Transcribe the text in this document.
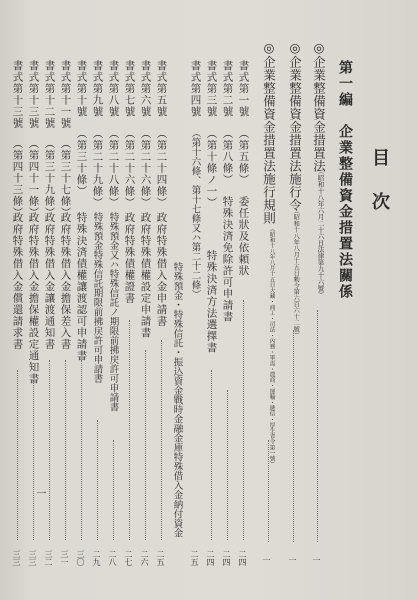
目次
第一編　企業整備資金措置法關係
◎企業整備資金措置法
（昭和十八年六月二十六日法律第九十六號）
一
◎企業整備資金措置法施行令
（昭和十八年八月十五日勅令第六百六十二號）
一
◎企業整備資金措置法施行規則
（昭和十八年八月十五日大藏・商工・司法・內務・軍需・農商・運輸・遞信・厚生省令第一號）
一
書式第一號
（第五條）
委任狀及依頼狀
二四
書式第二號
（第八條）
特殊決済免除許可申請書
二四
書式第三號
（第十條ノ一）
特殊決済方法選擇書
二四
書式第四號
（第十六條、第十七條又ハ第二十二條）
特殊預金・特殊信託・振込資金戰時金融金庫特殊借入金納付資金
二五
書式第五號
（第二十四條）
政府特殊借入金申請書
二五
書式第六號
（第二十六條）
政府特殊債權設定申請書
二六
書式第七號
（第二十六條）
政府特殊債權證書
二七
書式第八號
（第二十八條）
特殊預金又ハ特殊信託ノ期限前拂戻許可申請書
二八
書式第九號
（第二十九條）
特殊預金特殊信託期限前拂戻許可申請書
二九
書式第十號
（第三十條）
特殊決済債權讓渡認可申請書
三〇
書式第十一號
（第三十七條）
政府特殊借入金擔保差入書
三一
書式第十二號
（第三十九條）
政府特殊借入金讓渡通知書
三二
書式第十三號
（第四十一條）
政府特殊借入金擔保權設定通知書
三三
書式第十三號
（第四十三條）
政府特殊借入金償還請求書
三三
一
